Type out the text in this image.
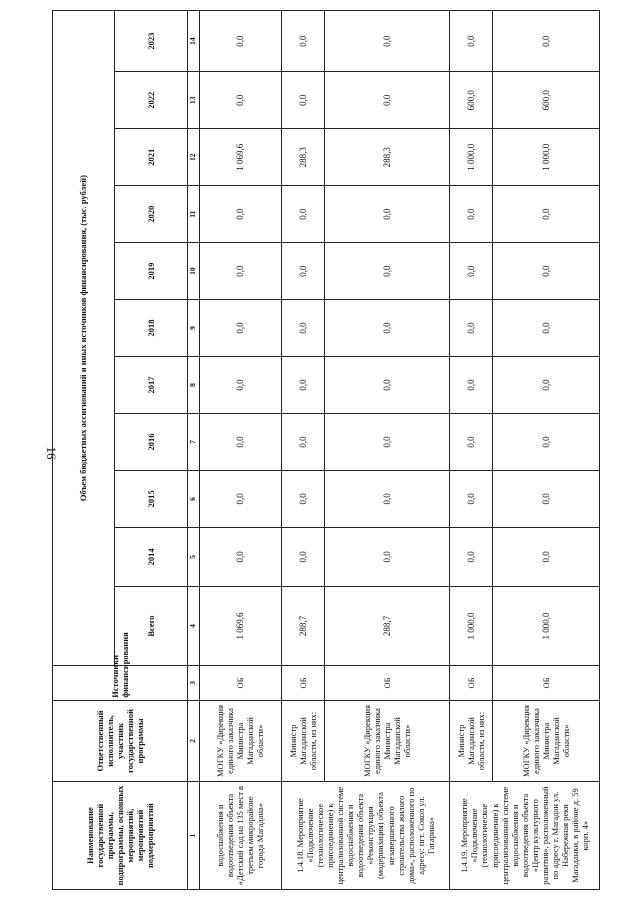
16
Наименование государственной программы, подпрограммы, основных мероприятий, мероприятий подмероприятий	Ответственный исполнитель, участник государственной программы	Источники финансирования	Объем бюджетных ассигнований и иных источников финансирования, (тыс. рублей)										
			Всего	2014	2015	2016	2017	2018	2019	2020	2021	2022	2023
1	2	3	4	5	6	7	8	9	10	11	12	13	14
водоснабжения и водоотведения объекта «Детский сад на 135 мест в третьем микрорайоне города Магадана»	МОГКУ «Дирекция единого заказчика Министра Магаданской области»	ОБ	1 069,6	0,0	0,0	0,0	0,0	0,0	0,0	0,0	1 069,6	0,0	0,0
1.4.18. Мероприятие «Подключение (технологическое присоединение) к централизованной системе водоснабжения и водоотведения объекта «Реконструкция (модернизация) объекта незавершенного строительства жилого дома», расположенного по адресу: пгт. Сокол ул. Гагарина»	Министр Магаданской области, из них:	ОБ	288,7	0,0	0,0	0,0	0,0	0,0	0,0	0,0	288,3	0,0	0,0
	МОГКУ «Дирекция единого заказчика Министра Магаданской области»	ОБ	288,7	0,0	0,0	0,0	0,0	0,0	0,0	0,0	288,3	0,0	0,0
1.4.19. Мероприятие «Подключение (технологическое присоединение) к централизованной системе водоснабжения и водоотведения объекта «Центр культурного развития», расположенный по адресу г. Магадан ул. Набережная реки Магаданки, в районе д. 59 корп. 4»	Министр Магаданской области, из них:	ОБ	1 000,0	0,0	0,0	0,0	0,0	0,0	0,0	0,0	1 000,0	600,0	0,0
	МОГКУ «Дирекция единого заказчика Министра Магаданской области»	ОБ	1 000,0	0,0	0,0	0,0	0,0	0,0	0,0	0,0	1 000,0	600,0	0,0
